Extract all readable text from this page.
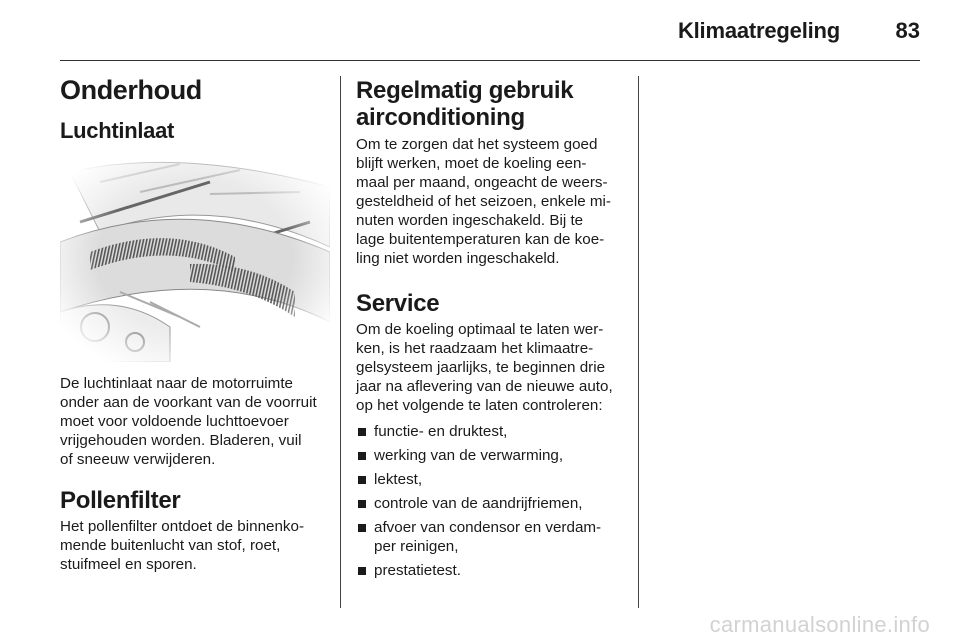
Klimaatregeling	83
Onderhoud
Luchtinlaat
De luchtinlaat naar de motorruimte
onder aan de voorkant van de voorruit
moet voor voldoende luchttoevoer
vrijgehouden worden. Bladeren, vuil
of sneeuw verwijderen.
Pollenfilter
Het pollenfilter ontdoet de binnenko-
mende buitenlucht van stof, roet,
stuifmeel en sporen.
Regelmatig gebruik
airconditioning
Om te zorgen dat het systeem goed
blijft werken, moet de koeling een-
maal per maand, ongeacht de weers-
gesteldheid of het seizoen, enkele mi-
nuten worden ingeschakeld. Bij te
lage buitentemperaturen kan de koe-
ling niet worden ingeschakeld.
Service
Om de koeling optimaal te laten wer-
ken, is het raadzaam het klimaatre-
gelsysteem jaarlijks, te beginnen drie
jaar na aflevering van de nieuwe auto,
op het volgende te laten controleren:
functie- en druktest,
werking van de verwarming,
lektest,
controle van de aandrijfriemen,
afvoer van condensor en verdam-
per reinigen,
prestatietest.
carmanualsonline.info
